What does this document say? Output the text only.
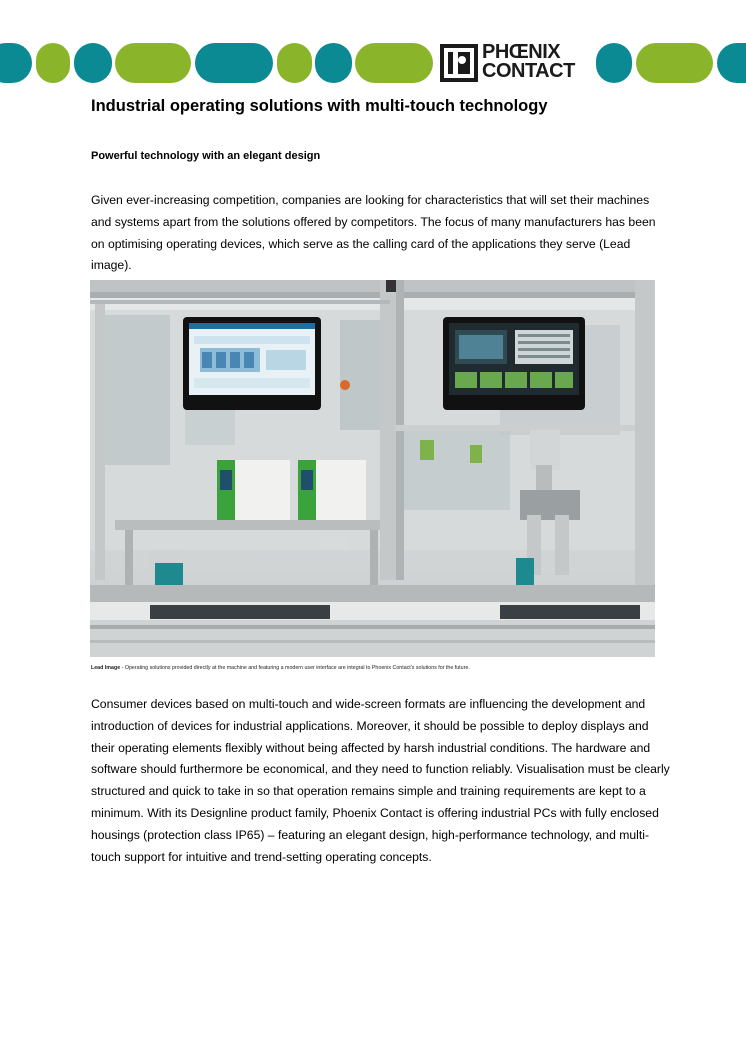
PHŒNIX
CONTACT
Industrial operating solutions with multi-touch technology

Powerful technology with an elegant design

Given ever-increasing competition, companies are looking for characteristics that will set their machines and systems apart from the solutions offered by competitors. The focus of many manufacturers has been on optimising operating devices, which serve as the calling card of the applications they serve (Lead image).

Lead Image - Operating solutions provided directly at the machine and featuring a modern user interface are integral to Phoenix Contact's solutions for the future.

Consumer devices based on multi-touch and wide-screen formats are influencing the development and introduction of devices for industrial applications. Moreover, it should be possible to deploy displays and their operating elements flexibly without being affected by harsh industrial conditions. The hardware and software should furthermore be economical, and they need to function reliably. Visualisation must be clearly structured and quick to take in so that operation remains simple and training requirements are kept to a minimum. With its Designline product family, Phoenix Contact is offering industrial PCs with fully enclosed housings (protection class IP65) – featuring an elegant design, high-performance technology, and multi-touch support for intuitive and trend-setting operating concepts.
